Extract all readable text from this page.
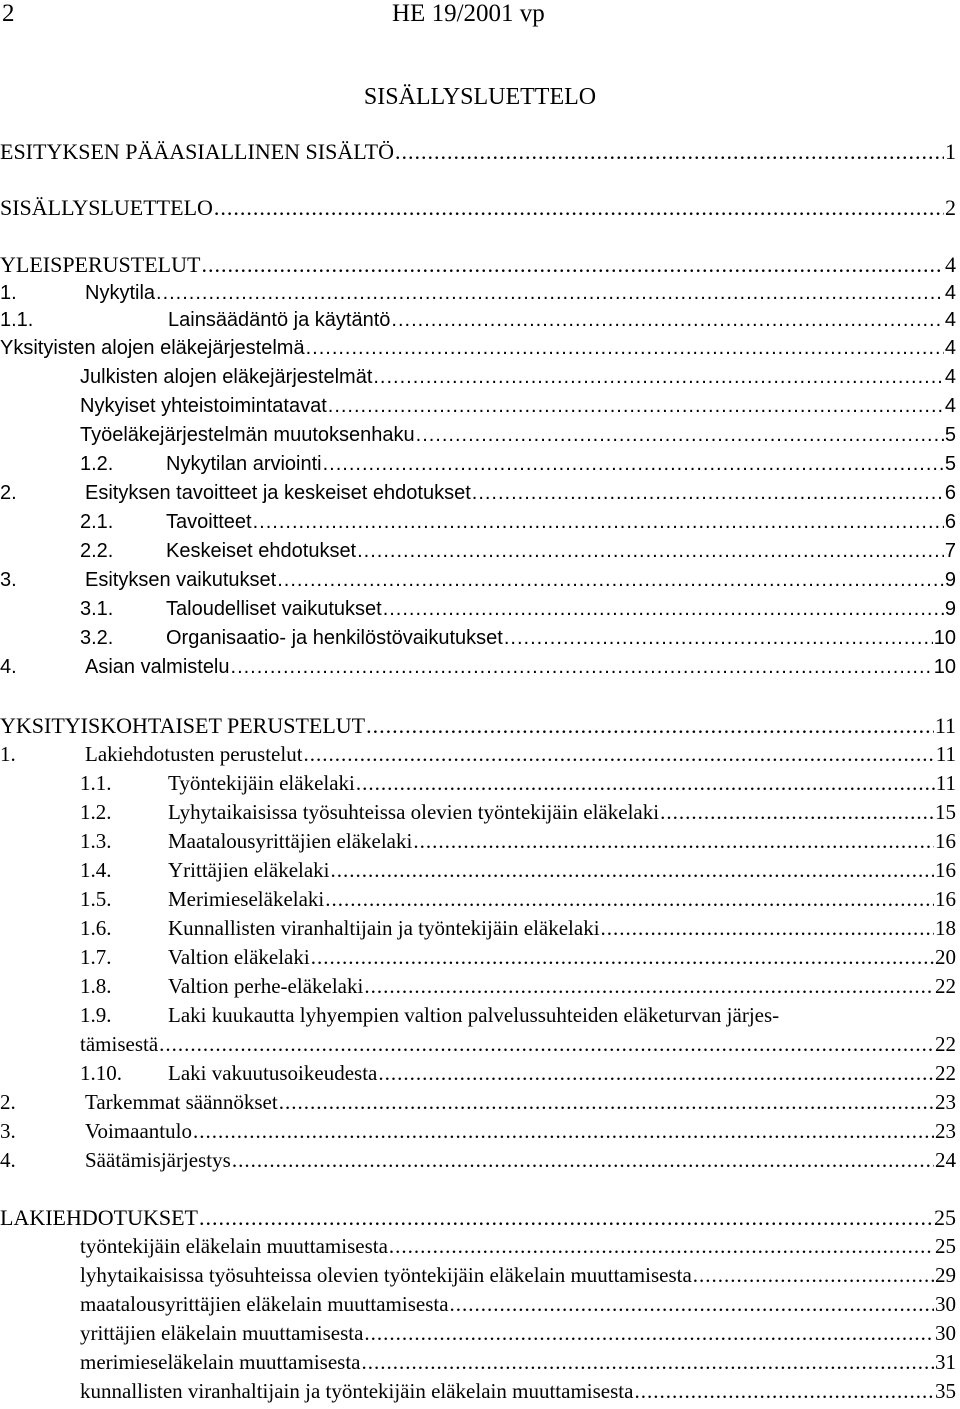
2	HE 19/2001 vp
SISÄLLYSLUETTELO
ESITYKSEN PÄÄASIALLINEN SISÄLTÖ .....	1
SISÄLLYSLUETTELO .....	2
YLEISPERUSTELUT .....	4
1.	Nykytila .....	4
1.1.	Lainsäädäntö ja käytäntö .....	4
Yksityisten alojen eläkejärjestelmä .....	4
Julkisten alojen eläkejärjestelmät .....	4
Nykyiset yhteistoimintatavat .....	4
Työeläkejärjestelmän muutoksenhaku .....	5
1.2.	Nykytilan arviointi .....	5
2.	Esityksen tavoitteet ja keskeiset ehdotukset .....	6
2.1.	Tavoitteet .....	6
2.2.	Keskeiset ehdotukset .....	7
3.	Esityksen vaikutukset .....	9
3.1.	Taloudelliset vaikutukset .....	9
3.2.	Organisaatio- ja henkilöstövaikutukset .....	10
4.	Asian valmistelu .....	10
YKSITYISKOHTAISET PERUSTELUT .....	11
1.	Lakiehdotusten perustelut .....	11
1.1.	Työntekijäin eläkelaki .....	11
1.2.	Lyhytaikaisissa työsuhteissa olevien työntekijäin eläkelaki .....	15
1.3.	Maatalousyrittäjien eläkelaki .....	16
1.4.	Yrittäjien eläkelaki .....	16
1.5.	Merimieseläkelaki .....	16
1.6.	Kunnallisten viranhaltijain ja työntekijäin eläkelaki .....	18
1.7.	Valtion eläkelaki .....	20
1.8.	Valtion perhe-eläkelaki .....	22
1.9.	Laki kuukautta lyhyempien valtion palvelussuhteiden eläketurvan järjes-
tämisestä .....	22
1.10.	Laki vakuutusoikeudesta .....	22
2.	Tarkemmat säännökset .....	23
3.	Voimaantulo .....	23
4.	Säätämisjärjestys .....	24
LAKIEHDOTUKSET .....	25
työntekijäin eläkelain muuttamisesta .....	25
lyhytaikaisissa työsuhteissa olevien työntekijäin eläkelain muuttamisesta .....	29
maatalousyrittäjien eläkelain muuttamisesta .....	30
yrittäjien eläkelain muuttamisesta .....	30
merimieseläkelain muuttamisesta .....	31
kunnallisten viranhaltijain ja työntekijäin eläkelain muuttamisesta .....	35
